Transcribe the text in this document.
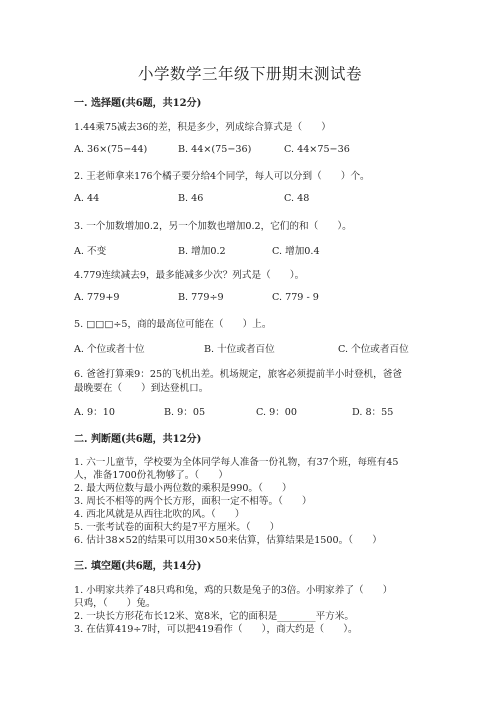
小学数学三年级下册期末测试卷
一. 选择题(共6题，共12分)
1.44乘75减去36的差，积是多少，列成综合算式是（　　）
A. 36×(75−44)	B. 44×(75−36)	C. 44×75−36
2. 王老师拿来176个橘子要分给4个同学，每人可以分到（　　）个。
A. 44	B. 46	C. 48
3. 一个加数增加0.2，另一个加数也增加0.2，它们的和（　　）。
A. 不变	B. 增加0.2	C. 增加0.4
4.779连续减去9，最多能减多少次？列式是（　　）。
A. 779+9	B. 779÷9	C. 779 - 9
5. □□□÷5，商的最高位可能在（　　）上。
A. 个位或者十位	B. 十位或者百位	C. 个位或者百位
6. 爸爸打算乘9：25的飞机出差。机场规定，旅客必须提前半小时登机，爸爸
最晚要在（　　）到达登机口。
A. 9：10	B. 9：05	C. 9：00	D. 8：55
二. 判断题(共6题，共12分)
1. 六一儿童节，学校要为全体同学每人准备一份礼物，有37个班，每班有45
人，准备1700份礼物够了。（　　）
2. 最大两位数与最小两位数的乘积是990。（　　）
3. 周长不相等的两个长方形，面积一定不相等。（　　）
4. 西北风就是从西往北吹的风。（　　）
5. 一张考试卷的面积大约是7平方厘米。（　　）
6. 估计38×52的结果可以用30×50来估算，估算结果是1500。（　　）
三. 填空题(共6题，共14分)
1. 小明家共养了48只鸡和兔，鸡的只数是兔子的3倍。小明家养了（　　）
只鸡，（　　）兔。
2. 一块长方形花布长12米、宽8米，它的面积是________平方米。
3. 在估算419÷7时，可以把419看作（　　），商大约是（　　）。
